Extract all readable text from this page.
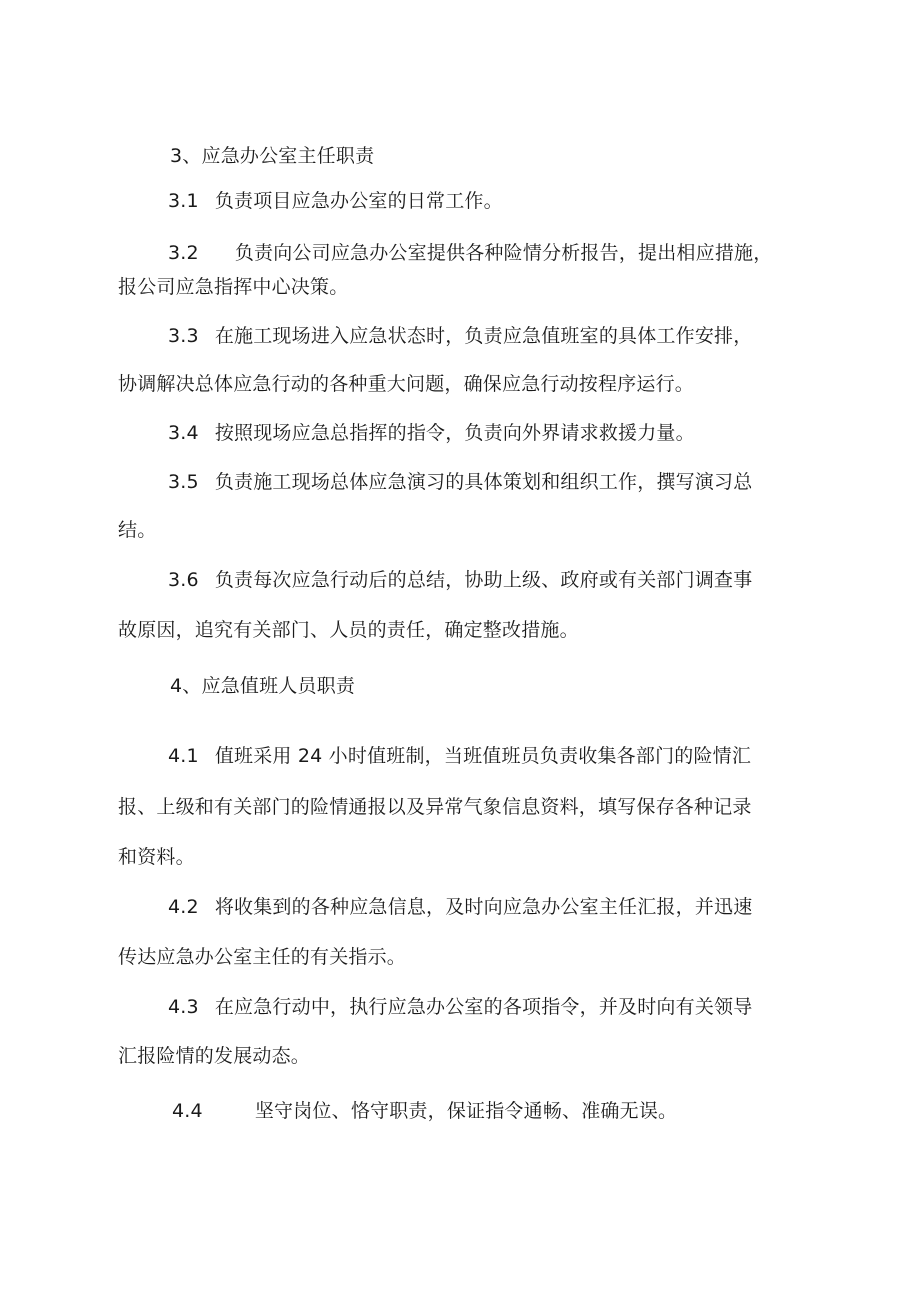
3、应急办公室主任职责
3.1 负责项目应急办公室的日常工作。
3.2 负责向公司应急办公室提供各种险情分析报告，提出相应措施，
报公司应急指挥中心决策。
3.3 在施工现场进入应急状态时，负责应急值班室的具体工作安排，
协调解决总体应急行动的各种重大问题，确保应急行动按程序运行。
3.4 按照现场应急总指挥的指令，负责向外界请求救援力量。
3.5 负责施工现场总体应急演习的具体策划和组织工作，撰写演习总
结。
3.6 负责每次应急行动后的总结，协助上级、政府或有关部门调查事
故原因，追究有关部门、人员的责任，确定整改措施。
4、应急值班人员职责
4.1 值班采用 24 小时值班制，当班值班员负责收集各部门的险情汇
报、上级和有关部门的险情通报以及异常气象信息资料，填写保存各种记录
和资料。
4.2 将收集到的各种应急信息，及时向应急办公室主任汇报，并迅速
传达应急办公室主任的有关指示。
4.3 在应急行动中，执行应急办公室的各项指令，并及时向有关领导
汇报险情的发展动态。
4.4	坚守岗位、恪守职责，保证指令通畅、准确无误。
